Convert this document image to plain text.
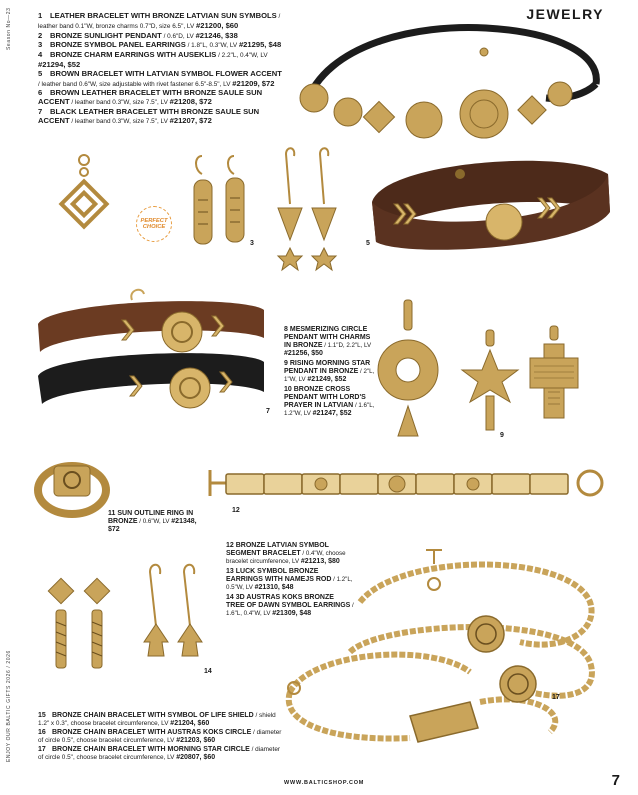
Season No—23
ENJOY OUR BALTIC GIFTS 2026 / 2026
JEWELRY
1 LEATHER BRACELET WITH BRONZE LATVIAN SUN SYMBOLS / leather band 0.1"W, bronze charms 0.7"D, size 6.5", LV #21200, $60
2 BRONZE SUNLIGHT PENDANT / 0.6"D, LV #21246, $38
3 BRONZE SYMBOL PANEL EARRINGS / 1.8"L, 0.3"W, LV #21295, $48
4 BRONZE CHARM EARRINGS WITH AUSEKLIS / 2.2"L, 0.4"W, LV #21294, $52
5 BROWN BRACELET WITH LATVIAN SYMBOL FLOWER ACCENT / leather band 0.6"W, size adjustable with rivet fastener 6.5"-8.5", LV #21209, $72
6 BROWN LEATHER BRACELET WITH BRONZE SAULE SUN ACCENT / leather band 0.3"W, size 7.5", LV #21208, $72
7 BLACK LEATHER BRACELET WITH BRONZE SAULE SUN ACCENT / leather band 0.3"W, size 7.5", LV #21207, $72
PERFECT
CHOICE
3	5
7
8 MESMERIZING CIRCLE PENDANT WITH CHARMS IN BRONZE / 1.1"D, 2.2"L, LV #21256, $50
9 RISING MORNING STAR PENDANT IN BRONZE / 2"L, 1"W, LV #21249, $52
10 BRONZE CROSS PENDANT WITH LORD'S PRAYER IN LATVIAN / 1.6"L, 1.2"W, LV #21247, $52
9
11 SUN OUTLINE RING IN BRONZE / 0.6"W, LV #21348, $72
12
12 BRONZE LATVIAN SYMBOL SEGMENT BRACELET / 0.4"W, choose bracelet circumference, LV #21213, $80
13 LUCK SYMBOL BRONZE EARRINGS WITH NAMEJS ROD / 1.2"L, 0.5"W, LV #21310, $48
14 3D AUSTRAS KOKS BRONZE TREE OF DAWN SYMBOL EARRINGS / 1.6"L, 0.4"W, LV #21309, $48
14
17
15 BRONZE CHAIN BRACELET WITH SYMBOL OF LIFE SHIELD / shield 1.2" x 0.3", choose bracelet circumference, LV #21204, $60
16 BRONZE CHAIN BRACELET WITH AUSTRAS KOKS CIRCLE / diameter of circle 0.5", choose bracelet circumference, LV #21203, $60
17 BRONZE CHAIN BRACELET WITH MORNING STAR CIRCLE / diameter of circle 0.5", choose bracelet circumference, LV #20807, $60
WWW.BALTICSHOP.COM	7
